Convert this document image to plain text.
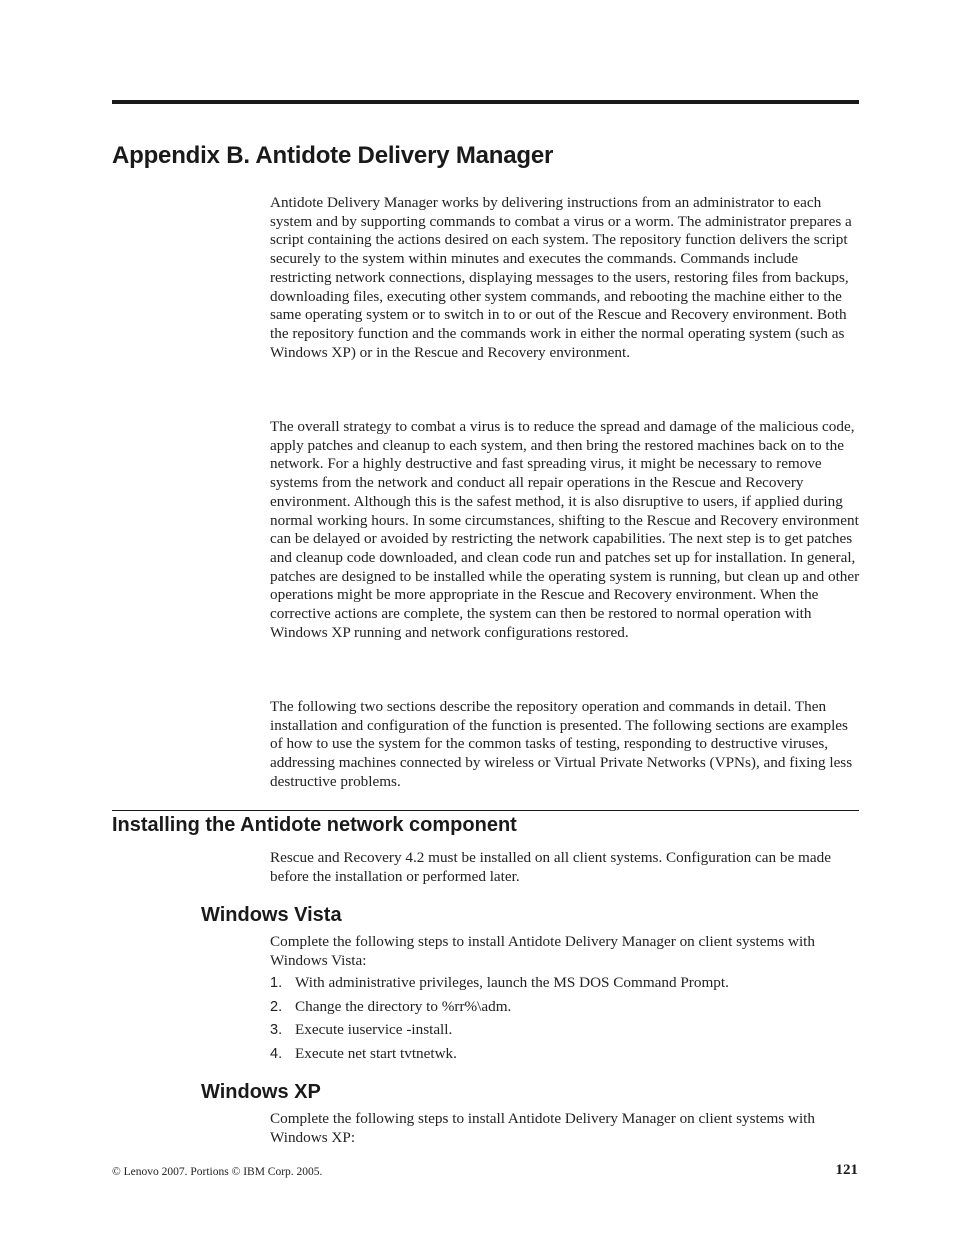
Appendix B. Antidote Delivery Manager

Antidote Delivery Manager works by delivering instructions from an administrator to each system and by supporting commands to combat a virus or a worm. The administrator prepares a script containing the actions desired on each system. The repository function delivers the script securely to the system within minutes and executes the commands. Commands include restricting network connections, displaying messages to the users, restoring files from backups, downloading files, executing other system commands, and rebooting the machine either to the same operating system or to switch in to or out of the Rescue and Recovery environment. Both the repository function and the commands work in either the normal operating system (such as Windows XP) or in the Rescue and Recovery environment.

The overall strategy to combat a virus is to reduce the spread and damage of the malicious code, apply patches and cleanup to each system, and then bring the restored machines back on to the network. For a highly destructive and fast spreading virus, it might be necessary to remove systems from the network and conduct all repair operations in the Rescue and Recovery environment. Although this is the safest method, it is also disruptive to users, if applied during normal working hours. In some circumstances, shifting to the Rescue and Recovery environment can be delayed or avoided by restricting the network capabilities. The next step is to get patches and cleanup code downloaded, and clean code run and patches set up for installation. In general, patches are designed to be installed while the operating system is running, but clean up and other operations might be more appropriate in the Rescue and Recovery environment. When the corrective actions are complete, the system can then be restored to normal operation with Windows XP running and network configurations restored.

The following two sections describe the repository operation and commands in detail. Then installation and configuration of the function is presented. The following sections are examples of how to use the system for the common tasks of testing, responding to destructive viruses, addressing machines connected by wireless or Virtual Private Networks (VPNs), and fixing less destructive problems.

Installing the Antidote network component

Rescue and Recovery 4.2 must be installed on all client systems. Configuration can be made before the installation or performed later.

Windows Vista

Complete the following steps to install Antidote Delivery Manager on client systems with Windows Vista:

1. With administrative privileges, launch the MS DOS Command Prompt.
2. Change the directory to %rr%\adm.
3. Execute iuservice -install.
4. Execute net start tvtnetwk.
Windows XP

Complete the following steps to install Antidote Delivery Manager on client systems with Windows XP:

© Lenovo 2007. Portions © IBM Corp. 2005.	121
